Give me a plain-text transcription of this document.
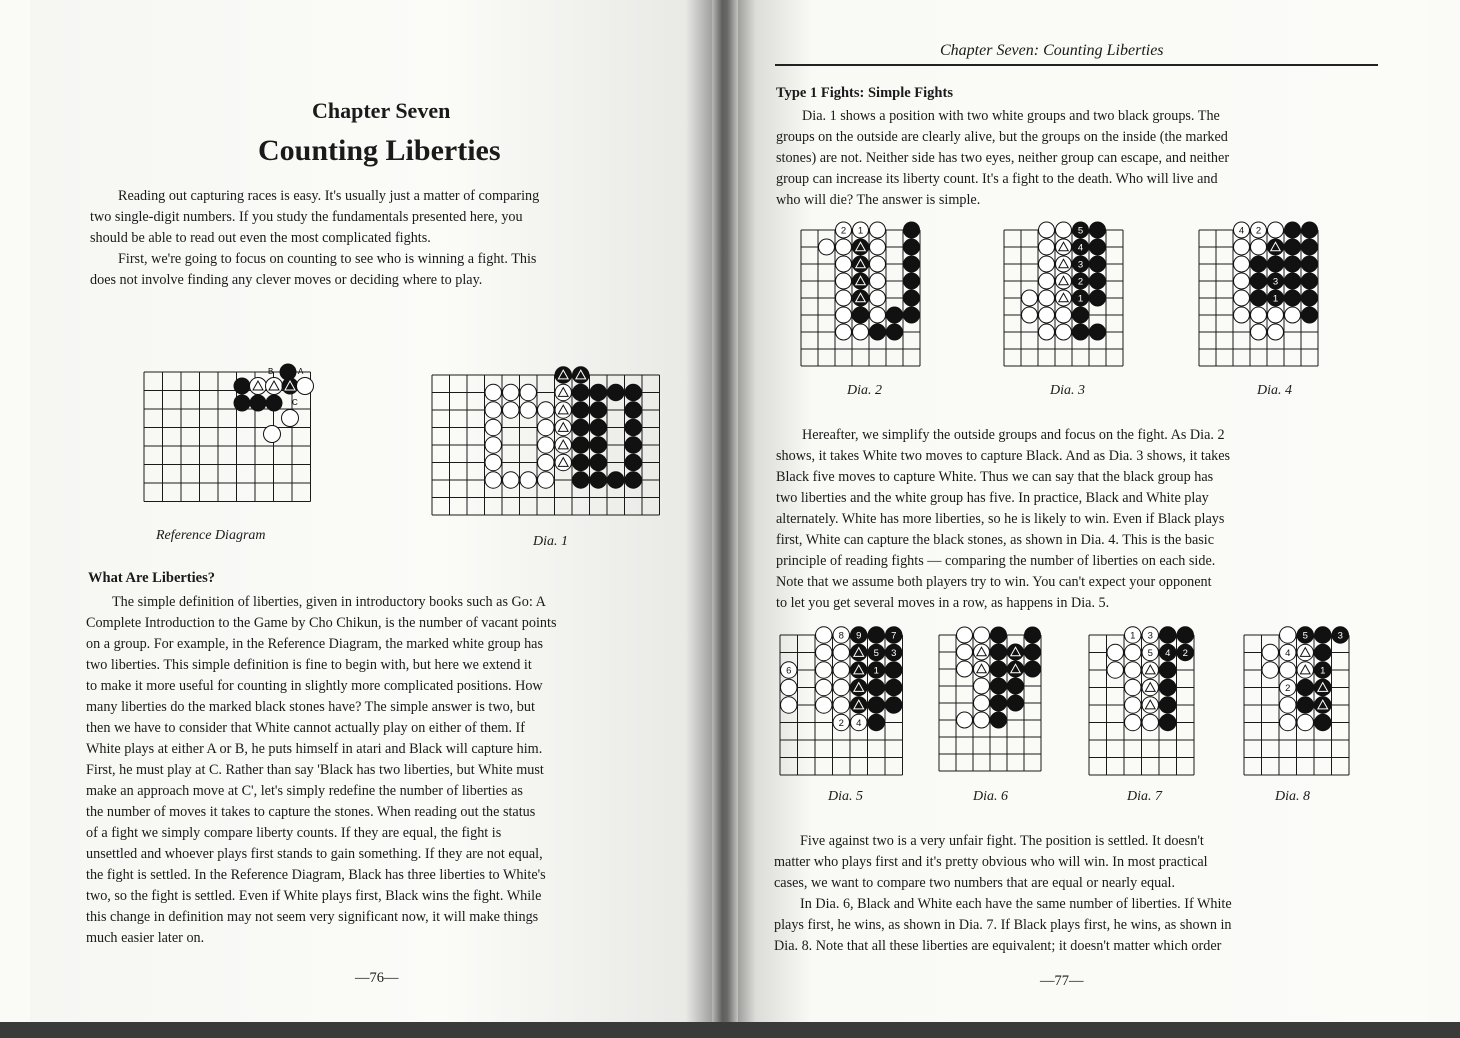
Chapter Seven
Counting Liberties
Reading out capturing races is easy. It's usually just a matter of comparing
two single-digit numbers. If you study the fundamentals presented here, you
should be able to read out even the most complicated fights.
First, we're going to focus on counting to see who is winning a fight. This
does not involve finding any clever moves or deciding where to play.
B	A
C
Reference Diagram	Dia. 1
What Are Liberties?
The simple definition of liberties, given in introductory books such as Go: A
Complete Introduction to the Game by Cho Chikun, is the number of vacant points
on a group. For example, in the Reference Diagram, the marked white group has
two liberties. This simple definition is fine to begin with, but here we extend it
to make it more useful for counting in slightly more complicated positions. How
many liberties do the marked black stones have? The simple answer is two, but
then we have to consider that White cannot actually play on either of them. If
White plays at either A or B, he puts himself in atari and Black will capture him.
First, he must play at C. Rather than say 'Black has two liberties, but White must
make an approach move at C', let's simply redefine the number of liberties as
the number of moves it takes to capture the stones. When reading out the status
of a fight we simply compare liberty counts. If they are equal, the fight is
unsettled and whoever plays first stands to gain something. If they are not equal,
the fight is settled. In the Reference Diagram, Black has three liberties to White's
two, so the fight is settled. Even if White plays first, Black wins the fight. While
this change in definition may not seem very significant now, it will make things
much easier later on.
—76—
Chapter Seven: Counting Liberties
Type 1 Fights: Simple Fights
Dia. 1 shows a position with two white groups and two black groups. The
groups on the outside are clearly alive, but the groups on the inside (the marked
stones) are not. Neither side has two eyes, neither group can escape, and neither
group can increase its liberty count. It's a fight to the death. Who will live and
who will die? The answer is simple.
2 1
Dia. 2
5
4
3
2
1
Dia. 3
4 2
3
1
Dia. 4
Hereafter, we simplify the outside groups and focus on the fight. As Dia. 2
shows, it takes White two moves to capture Black. And as Dia. 3 shows, it takes
Black five moves to capture White. Thus we can say that the black group has
two liberties and the white group has five. In practice, Black and White play
alternately. White has more liberties, so he is likely to win. Even if Black plays
first, White can capture the black stones, as shown in Dia. 4. This is the basic
principle of reading fights — comparing the number of liberties on each side.
Note that we assume both players try to win. You can't expect your opponent
to let you get several moves in a row, as happens in Dia. 5.
9
8	7
5 3
1
2 4
6
Dia. 5	Dia. 6
1 3
4
5	2
Dia. 7
5
4
3
2
1
Dia. 8
Five against two is a very unfair fight. The position is settled. It doesn't
matter who plays first and it's pretty obvious who will win. In most practical
cases, we want to compare two numbers that are equal or nearly equal.
In Dia. 6, Black and White each have the same number of liberties. If White
plays first, he wins, as shown in Dia. 7. If Black plays first, he wins, as shown in
Dia. 8. Note that all these liberties are equivalent; it doesn't matter which order
—77—
